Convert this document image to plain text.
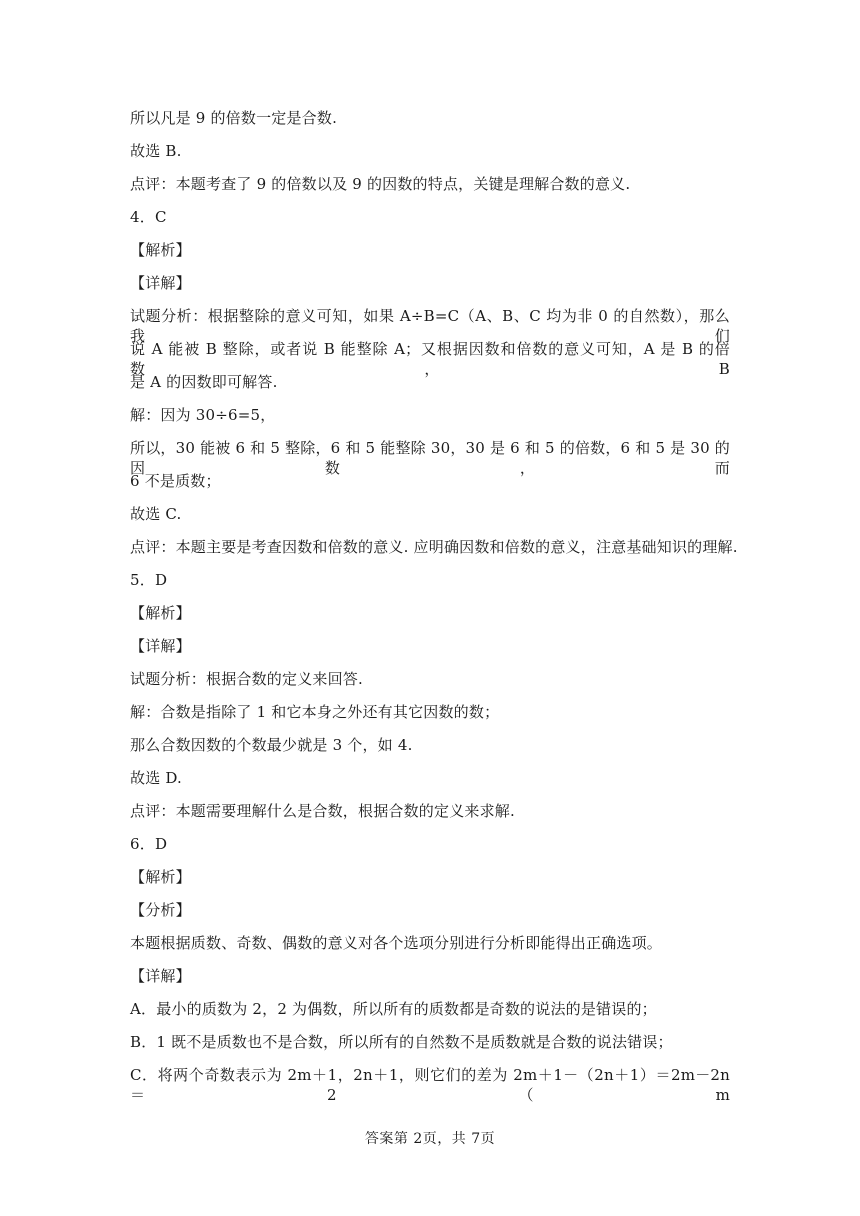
所以凡是 9 的倍数一定是合数.
故选 B.
点评：本题考查了 9 的倍数以及 9 的因数的特点，关键是理解合数的意义.
4．C
【解析】
【详解】
试题分析：根据整除的意义可知，如果 A÷B=C（A、B、C 均为非 0 的自然数），那么我们
说 A 能被 B 整除，或者说 B 能整除 A；又根据因数和倍数的意义可知，A 是 B 的倍数，B
是 A 的因数即可解答.
解：因为 30÷6=5，
所以，30 能被 6 和 5 整除，6 和 5 能整除 30，30 是 6 和 5 的倍数，6 和 5 是 30 的因数，而
6 不是质数；
故选 C.
点评：本题主要是考查因数和倍数的意义. 应明确因数和倍数的意义，注意基础知识的理解.
5．D
【解析】
【详解】
试题分析：根据合数的定义来回答.
解：合数是指除了 1 和它本身之外还有其它因数的数；
那么合数因数的个数最少就是 3 个，如 4.
故选 D.
点评：本题需要理解什么是合数，根据合数的定义来求解.
6．D
【解析】
【分析】
本题根据质数、奇数、偶数的意义对各个选项分别进行分析即能得出正确选项。
【详解】
A．最小的质数为 2，2 为偶数，所以所有的质数都是奇数的说法的是错误的；
B．1 既不是质数也不是合数，所以所有的自然数不是质数就是合数的说法错误；
C．将两个奇数表示为 2m＋1，2n＋1，则它们的差为 2m＋1－（2n＋1）＝2m－2n＝2（m
答案第 2页，共 7页
